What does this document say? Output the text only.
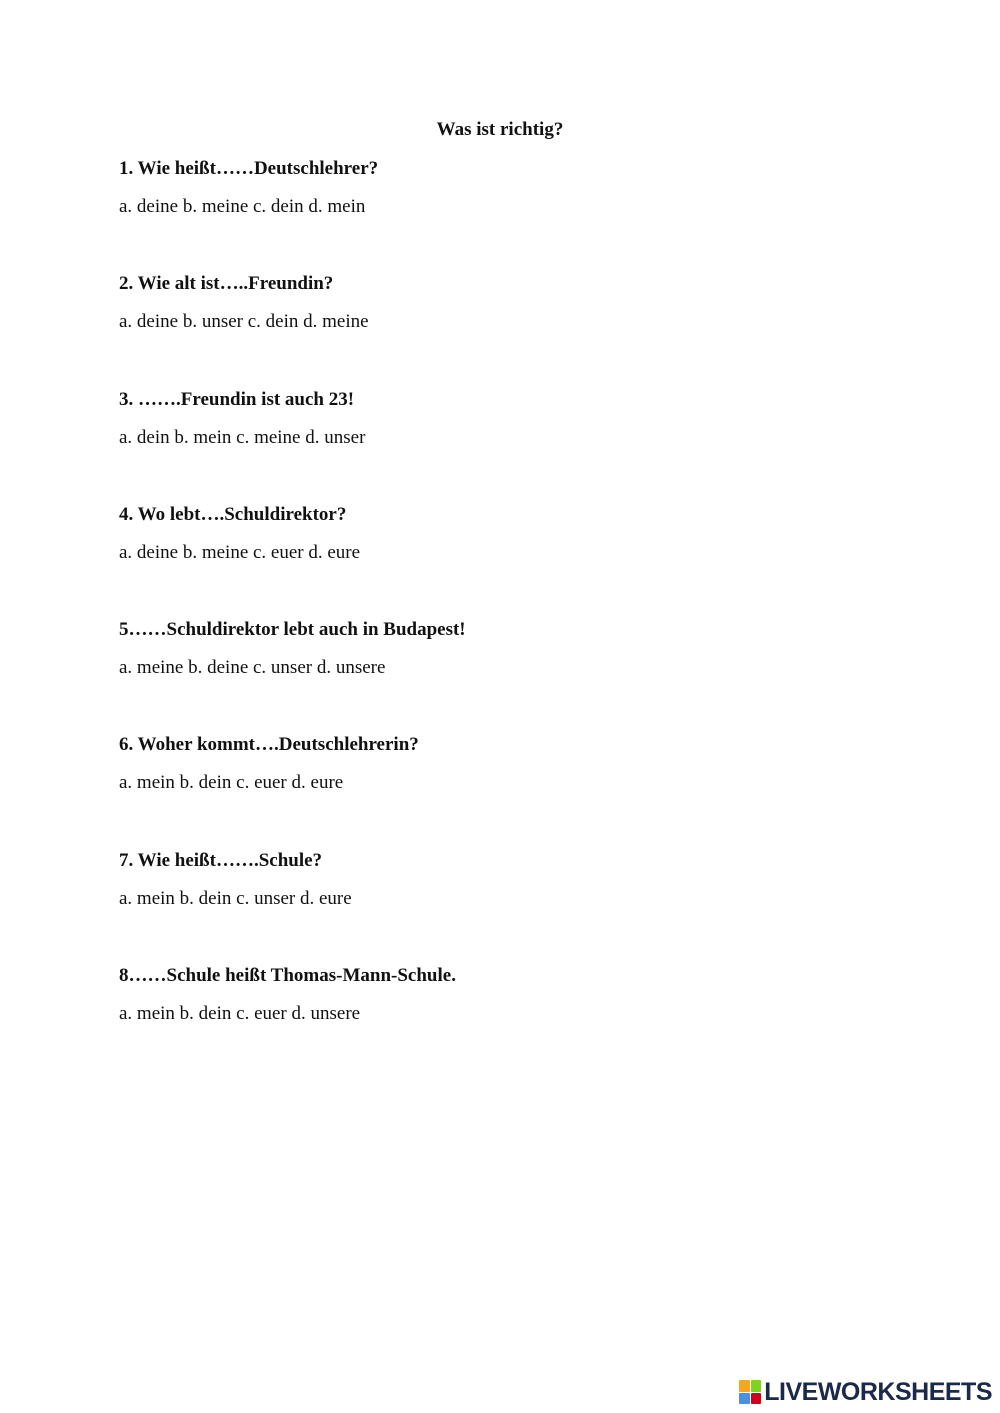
Was ist richtig?

1. Wie heißt……Deutschlehrer?

a. deine b. meine c. dein d. mein

2. Wie alt ist…..Freundin?

a. deine b. unser c. dein d. meine

3. …….Freundin ist auch 23!

a. dein b. mein c. meine d. unser

4. Wo lebt….Schuldirektor?

a. deine b. meine c. euer d. eure

5……Schuldirektor lebt auch in Budapest!

a. meine b. deine c. unser d. unsere

6. Woher kommt….Deutschlehrerin?

a. mein b. dein c. euer d. eure

7. Wie heißt…….Schule?

a. mein b. dein c. unser d. eure

8……Schule heißt Thomas-Mann-Schule.

a. mein b. dein c. euer d. unsere

LIVEWORKSHEETS
